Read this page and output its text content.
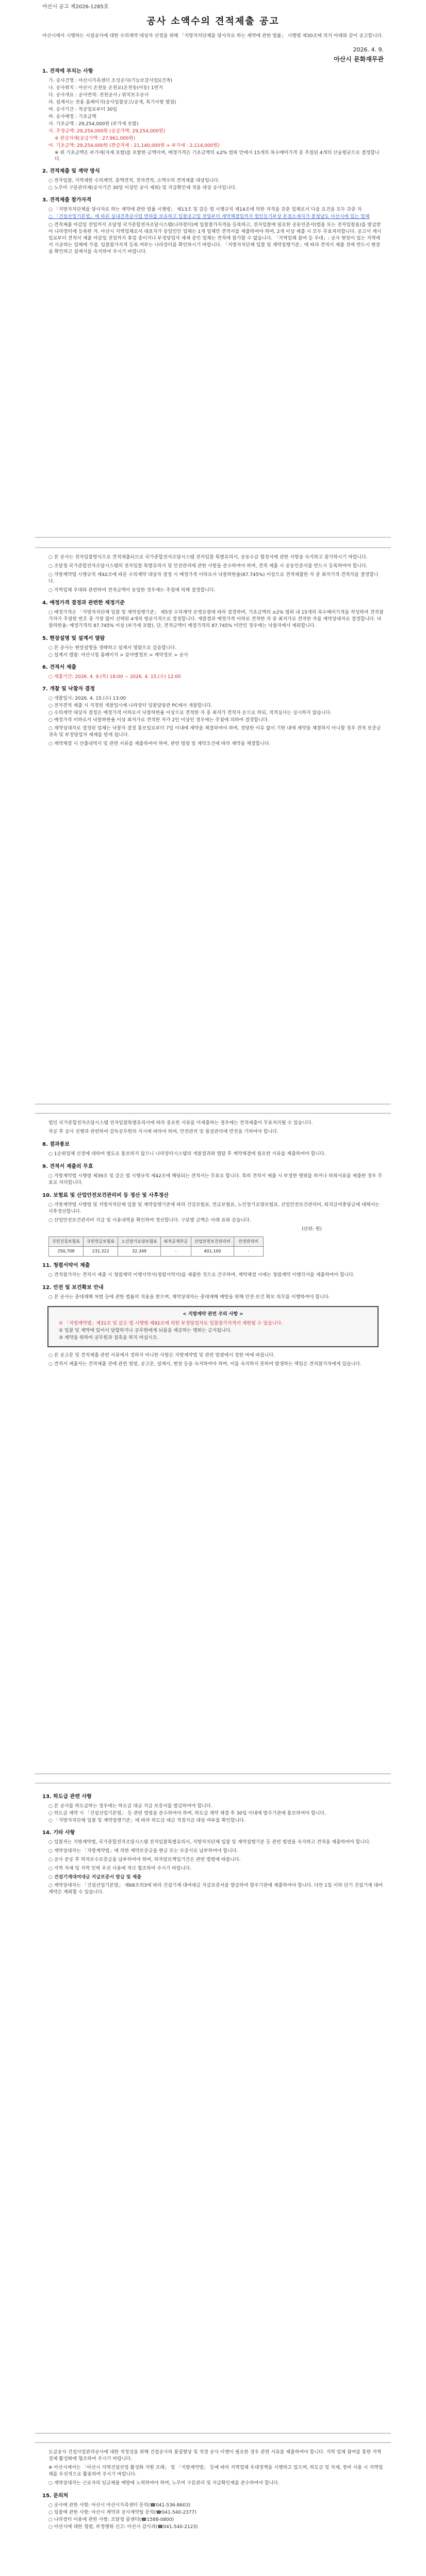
아산시 공고 제2026-1285호
공사 소액수의 견적제출 공고
아산시에서 시행하는 시설공사에 대한 수의계약 대상자 선정을 위해 「지방자치단체를 당사자로 하는 계약에 관한 법률」 시행령 제30조에 의거 아래와 같이 공고합니다.
2026. 4. 9.
아산시 문화재무관
1. 견적에 부치는 사항
가. 공사건명 : 아산시가족센터 조성공사(기능보강사업)(건축)
나. 공사위치 : 아산시 온천동 온천로(온천동(이동) 1번지
다. 공사개요 : 공사면적: 전천공사 / 위치보수공사
라. 설계서는 전용 홈페이지(공사입찰공고/공개, 특기사항 별첨)
마. 공사기간 : 착공일로부터 30일
바. 공사예정 : 기초금액
사. 기초금액 : 29,254,000원 (부가세 포함)
사. 추정금액: 29,254,000원 (공급가액: 29,254,000원)
※ 관급자재(공급가액 : 27,961,000원)
아. 기초금액: 29,254,000원 (관급자재 : 21,140,000원 + 부가세 : 2,114,000원)
※ 위 기초금액은 부가세(자재 포함)를 포함한 금액이며, 예정가격은 기초금액의 ±2% 범위 안에서 15개의 복수예비가격 중 추첨된 4개의 산술평균으로 결정합니다.
2. 견적제출 및 계약 방식
○ 전자입찰, 지역제한 수의계약, 총액견적, 전자견적, 소액수의 견적제출 대상입니다.
○ 노무비 구분관리제(공사기간 30일 이상인 공사 제외) 및 지급확인제 적용 대상 공사입니다.
3. 견적제출 참가자격
○ 「지방자치단체를 당사자로 하는 계약에 관한 법률 시행령」 제13조 및 같은 법 시행규칙 제14조에 의한 자격을 갖춘 업체로서 다음 요건을 모두 갖춘 자
○ 「건설산업기본법」에 따른 실내건축공사업 면허를 보유하고 입찰공고일 전일부터 계약체결일까지 법인등기부상 본점소재지가 충청남도 아산시에 있는 업체
○ 견적제출 마감일 전일까지 조달청 국가종합전자조달시스템(나라장터)에 입찰참가자격을 등록하고, 전자입찰에 필요한 공동인증서(범용 또는 전자입찰용)를 발급받아 나라장터에 등록한 자. 아산시 지역업체로서 대표자가 동일인인 업체는 1개 업체만 견적서를 제출하여야 하며, 2개 이상 제출 시 모두 무효처리합니다. 공고서 게시일로부터 견적서 제출 마감일 전일까지 휴업 중이거나 부정당업자 제재 중인 업체는 견적에 참가할 수 없습니다. 「지역업체 참여 등 우대」: 공사 현장이 있는 지역에서 시공하는 업체에 가점. 입찰참가자격 등록 여부는 나라장터를 확인하시기 바랍니다. 「지방자치단체 입찰 및 계약집행기준」에 따라 견적서 제출 전에 반드시 현장을 확인하고 설계서를 숙지하여 주시기 바랍니다.
○ 본 공사는 전자입찰방식으로 견적제출되므로 국가종합전자조달시스템 전자입찰 특별유의서, 공동수급 협정서에 관한 사항을 숙지하고 참가하시기 바랍니다.
○ 조달청 국가종합전자조달시스템의 전자입찰 특별유의서 및 안전관리에 관한 사항을 준수하여야 하며, 견적 제출 시 공동인증서를 반드시 등록하여야 합니다.
○ 지방계약법 시행규칙 제42조에 따른 수의계약 대상자 결정 시 예정가격 이하로서 낙찰하한율(87.745%) 이상으로 견적제출한 자 중 최저가격 견적자를 결정합니다.
○ 지역업체 우대와 관련하여 견적금액이 동일한 경우에는 추첨에 의해 결정합니다.
4. 예정가격 결정과 관련한 제정기준
○ 예정가격은 「지방자치단체 입찰 및 계약집행기준」 제5장 수의계약 운영요령에 따라 결정하며, 기초금액의 ±2% 범위 내 15개의 복수예비가격을 작성하여 견적참가자가 추첨한 번호 중 가장 많이 선택된 4개의 평균가격으로 결정합니다. 개찰결과 예정가격 이하로 견적한 자 중 최저가로 견적한 자를 계약상대자로 결정합니다. 낙찰하한율: 예정가격의 87.745% 이상 (부가세 포함). 단, 견적금액이 예정가격의 87.745% 미만인 경우에는 낙찰자에서 제외합니다.
5. 현장설명 및 설계서 열람
○ 본 공사는 현장설명을 생략하고 설계서 열람으로 갈음합니다.
○ 설계서 열람: 아산시청 홈페이지 > 분야별정보 > 계약정보 > 공사
6. 견적서 제출
○ 제출기간: 2026. 4. 9.(목) 18:00 ~ 2026. 4. 15.(수) 12:00
7. 개찰 및 낙찰자 결정
○ 개찰일시: 2026. 4. 15.(수) 13:00
○ 전자견적 제출 시 지정된 개찰일시에 나라장터 입찰담당관 PC에서 개찰합니다.
○ 수의계약 대상자 결정은 예정가격 이하로서 낙찰하한율 이상으로 견적한 자 중 최저가 견적자 순으로 하되, 적격심사는 실시하지 않습니다.
○ 예정가격 이하로서 낙찰하한율 이상 최저가로 견적한 자가 2인 이상인 경우에는 추첨에 의하여 결정합니다.
○ 계약상대자로 결정된 업체는 낙찰자 결정 통보일로부터 7일 이내에 계약을 체결하여야 하며, 정당한 이유 없이 기한 내에 계약을 체결하지 아니할 경우 견적 보증금 귀속 및 부정당업자 제재를 받게 됩니다.
○ 계약체결 시 산출내역서 및 관련 서류를 제출하여야 하며, 관련 법령 및 계약조건에 따라 계약을 체결합니다.
법인 국가종합전자조달시스템 전자입찰특별유의서에 따라 중요한 서류를 미제출하는 경우에는 견적제출이 무효처리될 수 있습니다.
착공 후 공사 진행과 관련하여 감독공무원의 지시에 따라야 하며, 안전관리 및 품질관리에 만전을 기하여야 합니다.
8. 결과통보
○ 1순위업체 선정에 대하여 별도로 통보하지 않으니 나라장터시스템의 개찰결과와 열람 후 계약체결에 필요한 서류를 제출하여야 합니다.
9. 견적서 제출의 무효
○ 지방계약법 시행령 제39조 및 같은 법 시행규칙 제42조에 해당되는 견적서는 무효로 합니다. 특히 견적서 제출 시 부정한 행위를 하거나 허위서류를 제출한 경우 무효로 처리합니다.
10. 보험료 및 산업안전보건관리비 등 정산 및 사후정산
○ 지방계약법 시행령 및 지방자치단체 입찰 및 계약집행기준에 따라 건강보험료, 연금보험료, 노인장기요양보험료, 산업안전보건관리비, 퇴직급여충당금에 대해서는 사후정산합니다.
○ 산업안전보건관리비 지급 및 사용내역을 확인하여 정산합니다. 구분별 금액은 아래 표와 같습니다.
(단위: 원)
국민건강보험료	국민연금보험료	노인장기요양보험료	퇴직공제부금	산업안전보건관리비	안전관리비
250,708	231,322	32,349	-	401,100	-
11. 청렴서약서 제출
○ 견적참가자는 견적서 제출 시 청렴계약 이행서약서(청렴서약서)를 제출한 것으로 간주하며, 계약체결 시에는 청렴계약 이행각서를 제출하여야 합니다.
12. 안전 및 보건확보 안내
○ 본 공사는 중대재해 처벌 등에 관한 법률의 적용을 받으며, 계약상대자는 중대재해 예방을 위해 안전·보건 확보 의무를 이행하여야 합니다.
< 지방계약 관련 주의 사항 >
① 「지방계약법」제31조 및 같은 법 시행령 제92조에 의한 부정당업자로 입찰참가자격이 제한될 수 있습니다.
② 입찰 및 계약에 있어서 담합하거나 공무원에게 뇌물을 제공하는 행위는 금지됩니다.
③ 계약을 위하여 공무원과 접촉을 하지 마십시오.
○ 본 공고문 및 견적제출 관련 서류에서 정하지 아니한 사항은 지방계약법 및 관련 법령에서 정한 바에 따릅니다.
○ 견적서 제출자는 견적제출 전에 관련 법령, 공고문, 설계서, 현장 등을 숙지하여야 하며, 이를 숙지하지 못하여 발생하는 책임은 견적참가자에게 있습니다.
13. 하도급 관련 사항
○ 본 공사를 하도급하는 경우에는 하도급 대금 지급 보증서를 발급하여야 합니다.
○ 하도급 계약 시 「건설산업기본법」 등 관련 법령을 준수하여야 하며, 하도급 계약 체결 후 30일 이내에 발주기관에 통보하여야 합니다.
○ 「지방자치단체 입찰 및 계약집행기준」에 따라 하도급 대금 직접지급 대상 여부를 확인합니다.
14. 기타 사항
○ 입찰자는 지방계약법, 국가종합전자조달시스템 전자입찰특별유의서, 지방자치단체 입찰 및 계약집행기준 등 관련 법령을 숙지하고 견적을 제출하여야 합니다.
○ 계약상대자는 「지방계약법」에 의한 계약보증금을 현금 또는 보증서로 납부하여야 합니다.
○ 공사 준공 후 하자보수보증금을 납부하여야 하며, 하자담보책임기간은 관련 법령에 따릅니다.
○ 지역 자재 및 지역 인력 우선 사용에 적극 협조하여 주시기 바랍니다.
○ 건설기계대여대금 지급보증서 발급 및 제출
○ 계약상대자는 「건설산업기본법」 제68조의3에 따라 건설기계 대여대금 지급보증서를 발급하여 발주기관에 제출하여야 합니다. 다만 1일 이하 단기 건설기계 대여계약은 제외할 수 있습니다.
도급공사 건설사업관리공사에 대한 적정성을 위해 건설공사의 품질향상 및 적정 공사 이행이 필요한 경우 관련 서류를 제출하여야 합니다. 지역 업체 참여를 통한 지역경제 활성화에 협조하여 주시기 바랍니다.
※ 아산시에서는 「아산시 지역건설산업 활성화 지원 조례」 및 「지방계약법」 등에 따라 지역업체 우대정책을 시행하고 있으며, 하도급 및 자재, 장비 사용 시 지역업체를 우선적으로 활용하여 주시기 바랍니다.
○ 계약상대자는 근로자의 임금체불 예방에 노력하여야 하며, 노무비 구분관리 및 지급확인제를 준수하여야 합니다.
15. 문의처
○ 공사에 관한 사항: 아산시 아산시가족센터 문의(☎041-536-8603)
○ 입찰에 관한 사항: 아산시 계약과 공사계약팀 문의(☎041-540-2377)
○ 나라장터 이용에 관한 사항: 조달청 콜센터(☎1588-0800)
○ 아산시에 대한 청렴, 부정행위 신고: 아산시 감사과(☎041-540-2123)
